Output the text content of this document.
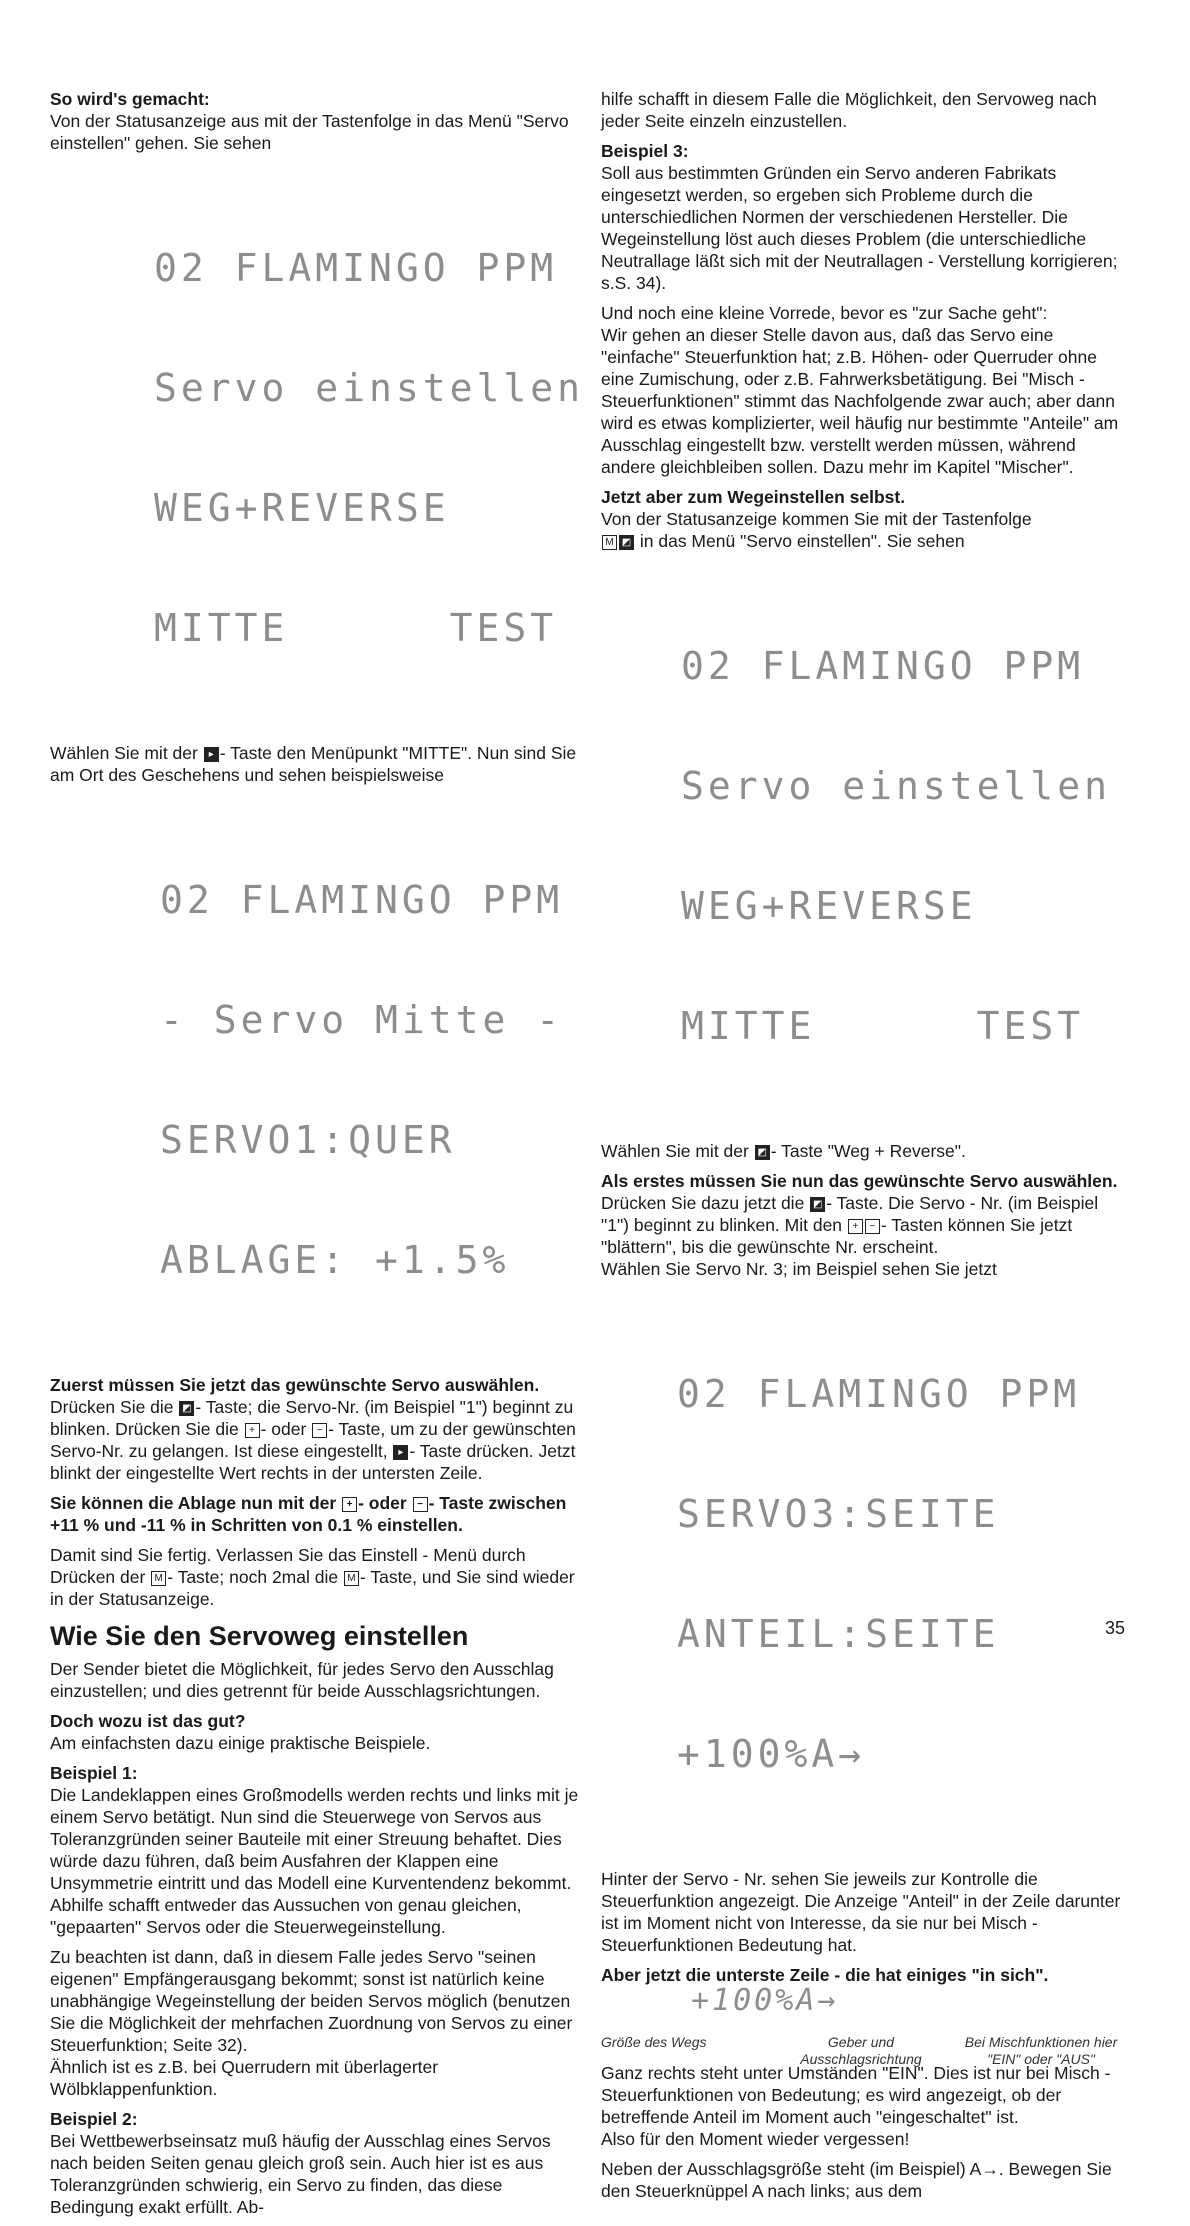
So wird's gemacht:

Von der Statusanzeige aus mit der Tastenfolge in das Menü "Servo einstellen" gehen. Sie sehen

02 FLAMINGO PPM

Servo einstellen

WEG+REVERSE

MITTE      TEST

Wählen Sie mit der ▸ - Taste den Menüpunkt "MITTE". Nun sind Sie am Ort des Geschehens und sehen beispielsweise

02 FLAMINGO PPM

- Servo Mitte -

SERVO1:QUER

ABLAGE: +1.5%

Zuerst müssen Sie jetzt das gewünschte Servo auswählen.

Drücken Sie die ◩ - Taste; die Servo-Nr. (im Beispiel "1") beginnt zu blinken. Drücken Sie die + - oder − - Taste, um zu der gewünschten Servo-Nr. zu gelangen. Ist diese eingestellt, ▸ - Taste drücken. Jetzt blinkt der eingestellte Wert rechts in der untersten Zeile.

Sie können die Ablage nun mit der + - oder − - Taste zwischen +11 % und -11 % in Schritten von 0.1 % einstellen.

Damit sind Sie fertig. Verlassen Sie das Einstell - Menü durch Drücken der M - Taste; noch 2mal die M - Taste, und Sie sind wieder in der Statusanzeige.

Wie Sie den Servoweg einstellen

Der Sender bietet die Möglichkeit, für jedes Servo den Ausschlag einzustellen; und dies getrennt für beide Ausschlagsrichtungen.

Doch wozu ist das gut?

Am einfachsten dazu einige praktische Beispiele.

Beispiel 1:

Die Landeklappen eines Großmodells werden rechts und links mit je einem Servo betätigt. Nun sind die Steuerwege von Servos aus Toleranzgründen seiner Bauteile mit einer Streuung behaftet. Dies würde dazu führen, daß beim Ausfahren der Klappen eine Unsymmetrie eintritt und das Modell eine Kurventendenz bekommt. Abhilfe schafft entweder das Aussuchen von genau gleichen, "gepaarten" Servos oder die Steuerwegeinstellung.

Zu beachten ist dann, daß in diesem Falle jedes Servo "seinen eigenen" Empfängerausgang bekommt; sonst ist natürlich keine unabhängige Wegeinstellung der beiden Servos möglich (benutzen Sie die Möglichkeit der mehrfachen Zuordnung von Servos zu einer Steuerfunktion; Seite 32).

Ähnlich ist es z.B. bei Querrudern mit überlagerter Wölbklappenfunktion.

Beispiel 2:

Bei Wettbewerbseinsatz muß häufig der Ausschlag eines Servos nach beiden Seiten genau gleich groß sein. Auch hier ist es aus Toleranzgründen schwierig, ein Servo zu finden, das diese Bedingung exakt erfüllt. Ab-

hilfe schafft in diesem Falle die Möglichkeit, den Servoweg nach jeder Seite einzeln einzustellen.

Beispiel 3:

Soll aus bestimmten Gründen ein Servo anderen Fabrikats eingesetzt werden, so ergeben sich Probleme durch die unterschiedlichen Normen der verschiedenen Hersteller. Die Wegeinstellung löst auch dieses Problem (die unterschiedliche Neutrallage läßt sich mit der Neutrallagen - Verstellung korrigieren; s.S. 34).

Und noch eine kleine Vorrede, bevor es "zur Sache geht":

Wir gehen an dieser Stelle davon aus, daß das Servo eine "einfache" Steuerfunktion hat; z.B. Höhen- oder Querruder ohne eine Zumischung, oder z.B. Fahrwerksbetätigung. Bei "Misch - Steuerfunktionen" stimmt das Nachfolgende zwar auch; aber dann wird es etwas komplizierter, weil häufig nur bestimmte "Anteile" am Ausschlag eingestellt bzw. verstellt werden müssen, während andere gleichbleiben sollen. Dazu mehr im Kapitel "Mischer".

Jetzt aber zum Wegeinstellen selbst.

Von der Statusanzeige kommen Sie mit der Tastenfolge
M ◩ in das Menü "Servo einstellen". Sie sehen

02 FLAMINGO PPM

Servo einstellen

WEG+REVERSE

MITTE      TEST

Wählen Sie mit der ◩ - Taste "Weg + Reverse".

Als erstes müssen Sie nun das gewünschte Servo auswählen.

Drücken Sie dazu jetzt die ◩ - Taste. Die Servo - Nr. (im Beispiel "1") beginnt zu blinken. Mit den + − - Tasten können Sie jetzt "blättern", bis die gewünschte Nr. erscheint.

Wählen Sie Servo Nr. 3; im Beispiel sehen Sie jetzt

02 FLAMINGO PPM

SERVO3:SEITE

ANTEIL:SEITE

+100%A→

Hinter der Servo - Nr. sehen Sie jeweils zur Kontrolle die Steuerfunktion angezeigt. Die Anzeige "Anteil" in der Zeile darunter ist im Moment nicht von Interesse, da sie nur bei Misch - Steuerfunktionen Bedeutung hat.

Aber jetzt die unterste Zeile - die hat einiges "in sich".

+100%A→
Größe des Wegs	Geber und Ausschlagsrichtung
Bei Mischfunktionen hier "EIN" oder "AUS"

Ganz rechts steht unter Umständen "EIN". Dies ist nur bei Misch - Steuerfunktionen von Bedeutung; es wird angezeigt, ob der betreffende Anteil im Moment auch "eingeschaltet" ist.

Also für den Moment wieder vergessen!

Neben der Ausschlagsgröße steht (im Beispiel) A→. Bewegen Sie den Steuerknüppel A nach links; aus dem

35
